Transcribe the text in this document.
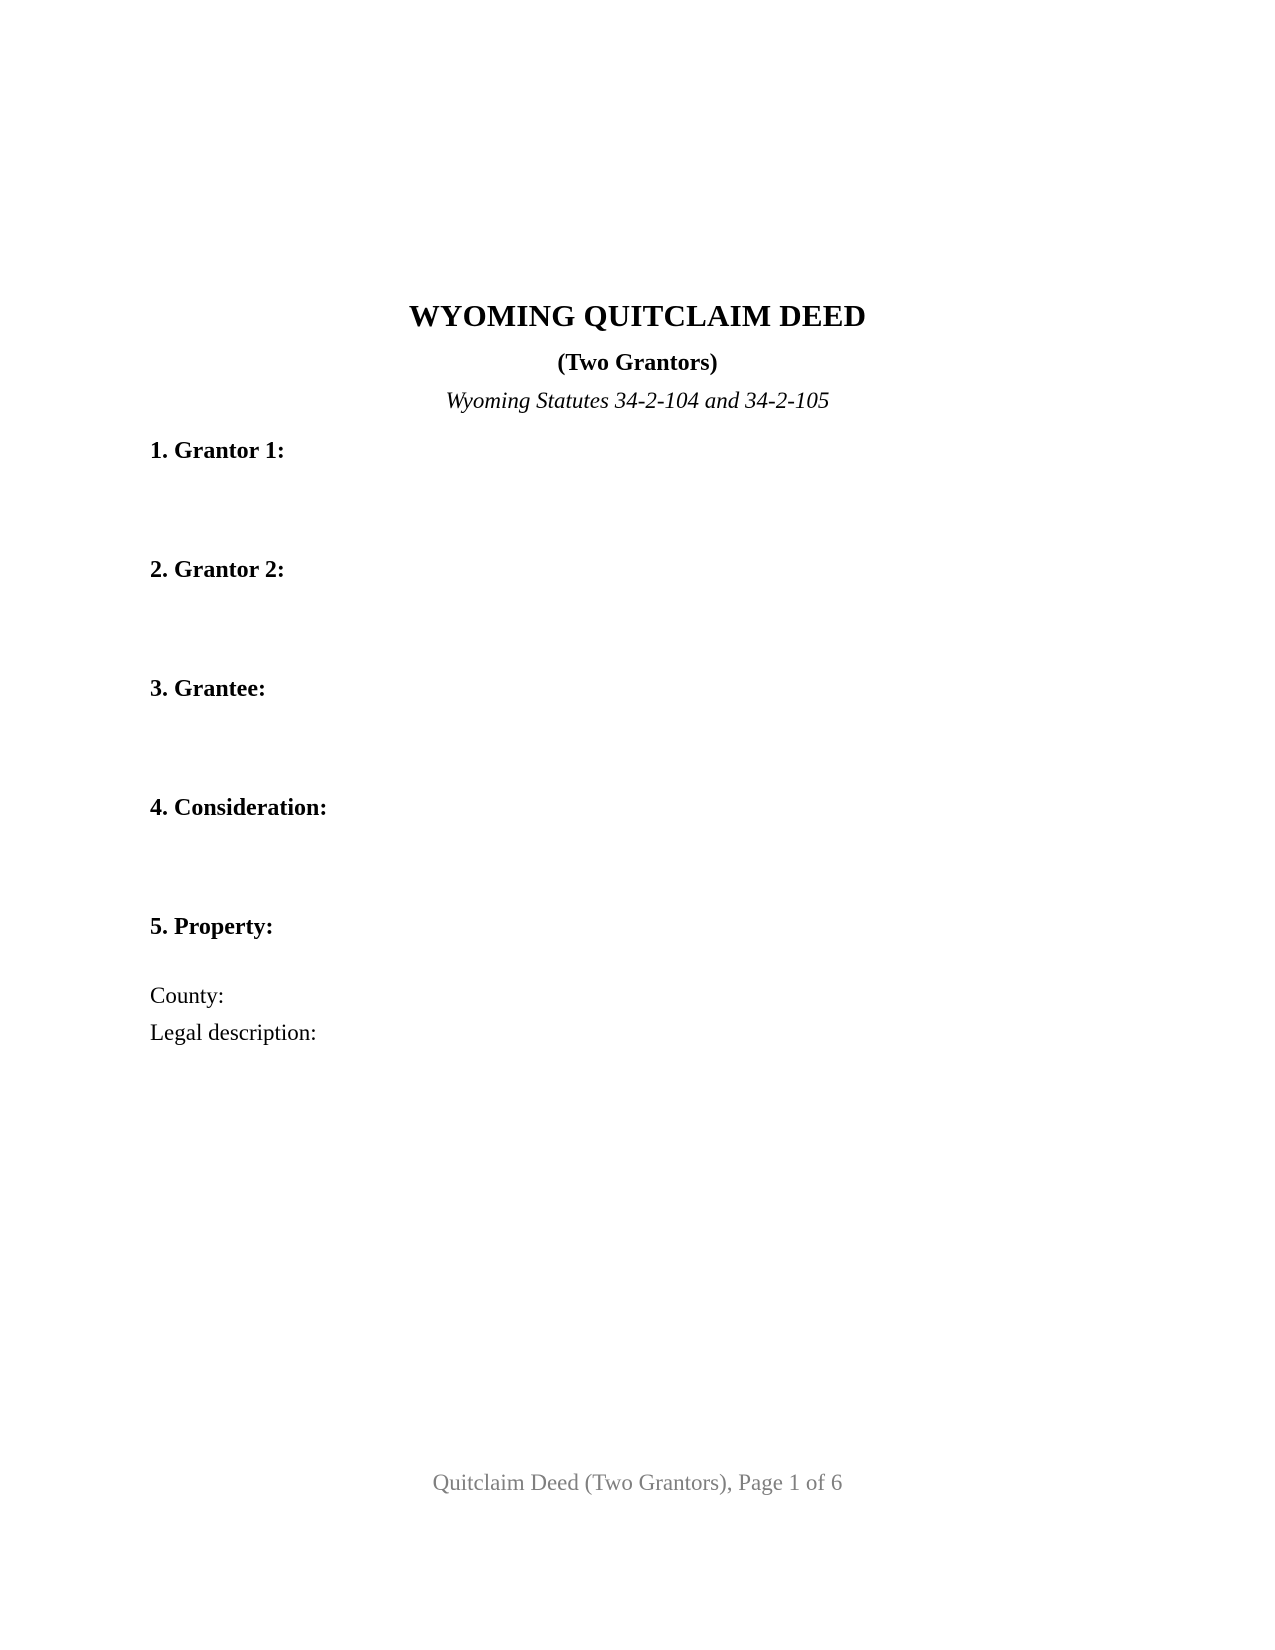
WYOMING QUITCLAIM DEED
(Two Grantors)
Wyoming Statutes 34-2-104 and 34-2-105
1. Grantor 1:
2. Grantor 2:
3. Grantee:
4. Consideration:
5. Property:
County:
Legal description:
Quitclaim Deed (Two Grantors), Page 1 of 6
